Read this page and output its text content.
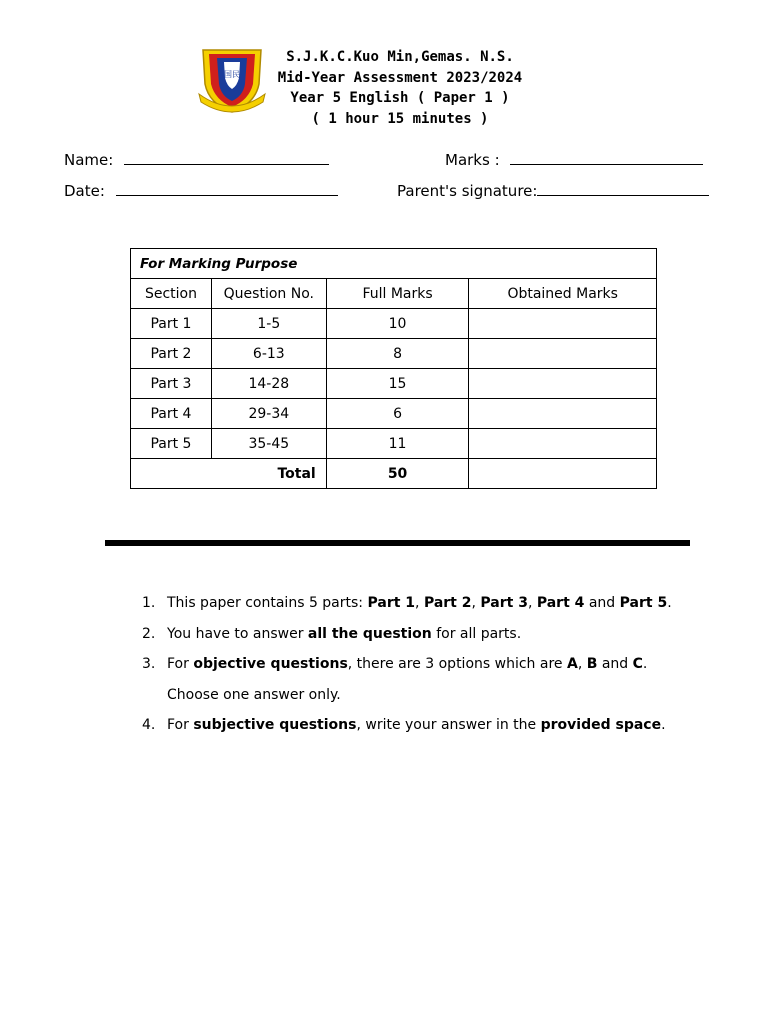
国民
S.J.K.C.Kuo Min,Gemas. N.S.
Mid-Year Assessment 2023/2024
Year 5 English ( Paper 1 )
( 1 hour 15 minutes )
Name:	Marks :
Date:	Parent's signature:
For Marking Purpose			
Section	Question No.	Full Marks	Obtained Marks
Part 1	1-5	10	
Part 2	6-13	8	
Part 3	14-28	15	
Part 4	29-34	6	
Part 5	35-45	11	
Total		50	
1. This paper contains 5 parts: Part 1, Part 2, Part 3, Part 4 and Part 5.
2. You have to answer all the question for all parts.
3. For objective questions, there are 3 options which are A, B and C.
Choose one answer only.
4. For subjective questions, write your answer in the provided space.
